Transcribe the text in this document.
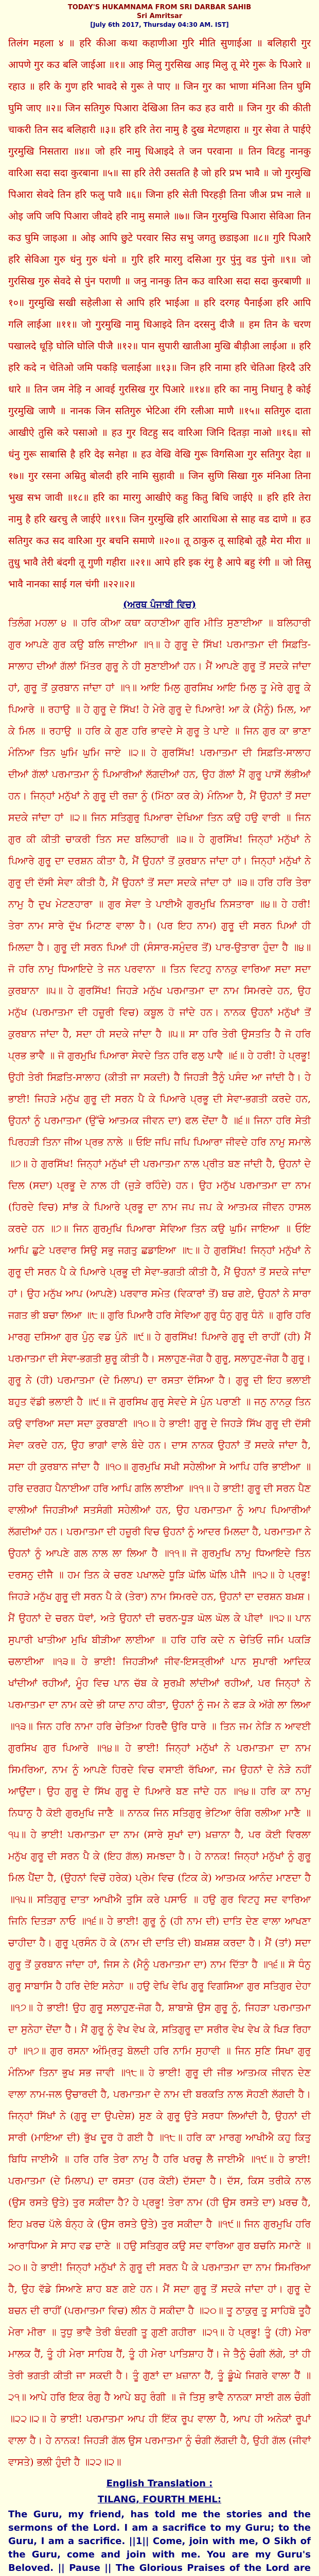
TODAY'S HUKAMNAMA FROM SRI DARBAR SAHIB
Sri Amritsar
[July 6th 2017, Thursday 04:30 AM. IST]
तिलंग महला ४ ॥ हरि कीआ कथा कहाणीआ गुरि मीति सुणाईआ ॥ बलिहारी गुर आपणे गुर कउ बलि जाईआ ॥१॥ आइ मिलु गुरसिख आइ मिलु तू मेरे गुरू के पिआरे ॥ रहाउ ॥ हरि के गुण हरि भावदे से गुरू ते पाए ॥ जिन गुर का भाणा मंनिआ तिन घुमि घुमि जाए ॥२॥ जिन सतिगुरु पिआरा देखिआ तिन कउ हउ वारी ॥ जिन गुर की कीती चाकरी तिन सद बलिहारी ॥३॥ हरि हरि तेरा नामु है दुख मेटणहारा ॥ गुर सेवा ते पाईऐ गुरमुखि निसतारा ॥४॥ जो हरि नामु धिआइदे ते जन परवाना ॥ तिन विटहु नानकु वारिआ सदा सदा कुरबाना ॥५॥ सा हरि तेरी उसतति है जो हरि प्रभ भावै ॥ जो गुरमुखि पिआरा सेवदे तिन हरि फलु पावै ॥६॥ जिना हरि सेती पिरहड़ी तिना जीअ प्रभ नाले ॥ ओइ जपि जपि पिआरा जीवदे हरि नामु समाले ॥७॥ जिन गुरमुखि पिआरा सेविआ तिन कउ घुमि जाइआ ॥ ओइ आपि छुटे परवार सिउ सभु जगतु छडाइआ ॥८॥ गुरि पिआरै हरि सेविआ गुरु धंनु गुरु धंनो ॥ गुरि हरि मारगु दसिआ गुर पुंनु वड पुंनो ॥९॥ जो गुरसिख गुरु सेवदे से पुंन पराणी ॥ जनु नानकु तिन कउ वारिआ सदा सदा कुरबाणी ॥१०॥ गुरमुखि सखी सहेलीआ से आपि हरि भाईआ ॥ हरि दरगह पैनाईआ हरि आपि गलि लाईआ ॥११॥ जो गुरमुखि नामु धिआइदे तिन दरसनु दीजै ॥ हम तिन के चरण पखालदे धूड़ि घोलि घोलि पीजै ॥१२॥ पान सुपारी खातीआ मुखि बीड़ीआ लाईआ ॥ हरि हरि कदे न चेतिओ जमि पकड़ि चलाईआ ॥१३॥ जिन हरि नामा हरि चेतिआ हिरदै उरि धारे ॥ तिन जम नेड़ि न आवई गुरसिख गुर पिआरे ॥१४॥ हरि का नामु निधानु है कोई गुरमुखि जाणै ॥ नानक जिन सतिगुरु भेटिआ रंगि रलीआ माणै ॥१५॥ सतिगुरु दाता आखीऐ तुसि करे पसाओ ॥ हउ गुर विटहु सद वारिआ जिनि दितड़ा नाओ ॥१६॥ सो धंनु गुरू साबासि है हरि देइ सनेहा ॥ हउ वेखि वेखि गुरू विगसिआ गुर सतिगुर देहा ॥१७॥ गुर रसना अम्रितु बोलदी हरि नामि सुहावी ॥ जिन सुणि सिखा गुरु मंनिआ तिना भुख सभ जावी ॥१८॥ हरि का मारगु आखीऐ कहु कितु बिधि जाईऐ ॥ हरि हरि तेरा नामु है हरि खरचु लै जाईऐ ॥१९॥ जिन गुरमुखि हरि आराधिआ से साह वड दाणे ॥ हउ सतिगुर कउ सद वारिआ गुर बचनि समाणे ॥२०॥ तू ठाकुरु तू साहिबो तूहै मेरा मीरा ॥ तुधु भावै तेरी बंदगी तू गुणी गहीरा ॥२१॥ आपे हरि इक रंगु है आपे बहु रंगी ॥ जो तिसु भावै नानका साई गल चंगी ॥२२॥२॥
(ਅਰਥ ਪੰਜਾਬੀ ਵਿਚ)
ਤਿਲੰਗ ਮਹਲਾ ੪ ॥ ਹਰਿ ਕੀਆ ਕਥਾ ਕਹਾਣੀਆ ਗੁਰਿ ਮੀਤਿ ਸੁਣਾਈਆ ॥ ਬਲਿਹਾਰੀ ਗੁਰ ਆਪਣੇ ਗੁਰ ਕਉ ਬਲਿ ਜਾਈਆ ॥੧॥ ਹੇ ਗੁਰੂ ਦੇ ਸਿੱਖ! ਪਰਮਾਤਮਾ ਦੀ ਸਿਫ਼ਤਿ-ਸਾਲਾਹ ਦੀਆਂ ਗੱਲਾਂ ਮਿੱਤਰ ਗੁਰੂ ਨੇ ਹੀ ਸੁਣਾਈਆਂ ਹਨ। ਮੈਂ ਆਪਣੇ ਗੁਰੂ ਤੋਂ ਸਦਕੇ ਜਾਂਦਾ ਹਾਂ, ਗੁਰੂ ਤੋਂ ਕੁਰਬਾਨ ਜਾਂਦਾ ਹਾਂ ॥੧॥ ਆਇ ਮਿਲੁ ਗੁਰਸਿਖ ਆਇ ਮਿਲੁ ਤੂ ਮੇਰੇ ਗੁਰੂ ਕੇ ਪਿਆਰੇ ॥ ਰਹਾਉ ॥ ਹੇ ਗੁਰੂ ਦੇ ਸਿੱਖ! ਹੇ ਮੇਰੇ ਗੁਰੂ ਦੇ ਪਿਆਰੇ! ਆ ਕੇ (ਮੈਨੂੰ) ਮਿਲ, ਆ ਕੇ ਮਿਲ ॥ ਰਹਾਉ ॥ ਹਰਿ ਕੇ ਗੁਣ ਹਰਿ ਭਾਵਦੇ ਸੇ ਗੁਰੂ ਤੇ ਪਾਏ ॥ ਜਿਨ ਗੁਰ ਕਾ ਭਾਣਾ ਮੰਨਿਆ ਤਿਨ ਘੁਮਿ ਘੁਮਿ ਜਾਏ ॥੨॥ ਹੇ ਗੁਰਸਿੱਖ! ਪਰਮਾਤਮਾ ਦੀ ਸਿਫ਼ਤਿ-ਸਾਲਾਹ ਦੀਆਂ ਗੱਲਾਂ ਪਰਮਾਤਮਾ ਨੂੰ ਪਿਆਰੀਆਂ ਲੱਗਦੀਆਂ ਹਨ, ਉਹ ਗੱਲਾਂ ਮੈਂ ਗੁਰੂ ਪਾਸੋਂ ਲੱਭੀਆਂ ਹਨ। ਜਿਨ੍ਹਾਂ ਮਨੁੱਖਾਂ ਨੇ ਗੁਰੂ ਦੀ ਰਜ਼ਾ ਨੂੰ (ਮਿੱਠਾ ਕਰ ਕੇ) ਮੰਨਿਆ ਹੈ, ਮੈਂ ਉਹਨਾਂ ਤੋਂ ਸਦਾ ਸਦਕੇ ਜਾਂਦਾ ਹਾਂ ॥੨॥ ਜਿਨ ਸਤਿਗੁਰੁ ਪਿਆਰਾ ਦੇਖਿਆ ਤਿਨ ਕਉ ਹਉ ਵਾਰੀ ॥ ਜਿਨ ਗੁਰ ਕੀ ਕੀਤੀ ਚਾਕਰੀ ਤਿਨ ਸਦ ਬਲਿਹਾਰੀ ॥੩॥ ਹੇ ਗੁਰਸਿੱਖ! ਜਿਨ੍ਹਾਂ ਮਨੁੱਖਾਂ ਨੇ ਪਿਆਰੇ ਗੁਰੂ ਦਾ ਦਰਸ਼ਨ ਕੀਤਾ ਹੈ, ਮੈਂ ਉਹਨਾਂ ਤੋਂ ਕੁਰਬਾਨ ਜਾਂਦਾ ਹਾਂ। ਜਿਨ੍ਹਾਂ ਮਨੁੱਖਾਂ ਨੇ ਗੁਰੂ ਦੀ ਦੱਸੀ ਸੇਵਾ ਕੀਤੀ ਹੈ, ਮੈਂ ਉਹਨਾਂ ਤੋਂ ਸਦਾ ਸਦਕੇ ਜਾਂਦਾ ਹਾਂ ॥੩॥ ਹਰਿ ਹਰਿ ਤੇਰਾ ਨਾਮੁ ਹੈ ਦੁਖ ਮੇਟਣਹਾਰਾ ॥ ਗੁਰ ਸੇਵਾ ਤੇ ਪਾਈਐ ਗੁਰਮੁਖਿ ਨਿਸਤਾਰਾ ॥੪॥ ਹੇ ਹਰੀ! ਤੇਰਾ ਨਾਮ ਸਾਰੇ ਦੁੱਖ ਮਿਟਾਣ ਵਾਲਾ ਹੈ। (ਪਰ ਇਹ ਨਾਮ) ਗੁਰੂ ਦੀ ਸਰਨ ਪਿਆਂ ਹੀ ਮਿਲਦਾ ਹੈ। ਗੁਰੂ ਦੀ ਸਰਨ ਪਿਆਂ ਹੀ (ਸੰਸਾਰ-ਸਮੁੰਦਰ ਤੋਂ) ਪਾਰ-ਉਤਾਰਾ ਹੁੰਦਾ ਹੈ ॥੪॥ ਜੋ ਹਰਿ ਨਾਮੁ ਧਿਆਇਦੇ ਤੇ ਜਨ ਪਰਵਾਨਾ ॥ ਤਿਨ ਵਿਟਹੁ ਨਾਨਕੁ ਵਾਰਿਆ ਸਦਾ ਸਦਾ ਕੁਰਬਾਨਾ ॥੫॥ ਹੇ ਗੁਰਸਿੱਖ! ਜਿਹੜੇ ਮਨੁੱਖ ਪਰਮਾਤਮਾ ਦਾ ਨਾਮ ਸਿਮਰਦੇ ਹਨ, ਉਹ ਮਨੁੱਖ (ਪਰਮਾਤਮਾ ਦੀ ਹਜ਼ੂਰੀ ਵਿਚ) ਕਬੂਲ ਹੋ ਜਾਂਦੇ ਹਨ। ਨਾਨਕ ਉਹਨਾਂ ਮਨੁੱਖਾਂ ਤੋਂ ਕੁਰਬਾਨ ਜਾਂਦਾ ਹੈ, ਸਦਾ ਹੀ ਸਦਕੇ ਜਾਂਦਾ ਹੈ ॥੫॥ ਸਾ ਹਰਿ ਤੇਰੀ ਉਸਤਤਿ ਹੈ ਜੋ ਹਰਿ ਪ੍ਰਭ ਭਾਵੈ ॥ ਜੋ ਗੁਰਮੁਖਿ ਪਿਆਰਾ ਸੇਵਦੇ ਤਿਨ ਹਰਿ ਫਲੁ ਪਾਵੈ ॥੬॥ ਹੇ ਹਰੀ! ਹੇ ਪ੍ਰਭੂ! ਉਹੀ ਤੇਰੀ ਸਿਫ਼ਤਿ-ਸਾਲਾਹ (ਕੀਤੀ ਜਾ ਸਕਦੀ) ਹੈ ਜਿਹੜੀ ਤੈਨੂੰ ਪਸੰਦ ਆ ਜਾਂਦੀ ਹੈ। ਹੇ ਭਾਈ! ਜਿਹੜੇ ਮਨੁੱਖ ਗੁਰੂ ਦੀ ਸਰਨ ਪੈ ਕੇ ਪਿਆਰੇ ਪ੍ਰਭੂ ਦੀ ਸੇਵਾ-ਭਗਤੀ ਕਰਦੇ ਹਨ, ਉਹਨਾਂ ਨੂੰ ਪਰਮਾਤਮਾ (ਉੱਚੇ ਆਤਮਕ ਜੀਵਨ ਦਾ) ਫਲ ਦੇਂਦਾ ਹੈ ॥੬॥ ਜਿਨਾ ਹਰਿ ਸੇਤੀ ਪਿਰਹੜੀ ਤਿਨਾ ਜੀਅ ਪ੍ਰਭ ਨਾਲੇ ॥ ਓਇ ਜਪਿ ਜਪਿ ਪਿਆਰਾ ਜੀਵਦੇ ਹਰਿ ਨਾਮੁ ਸਮਾਲੇ ॥੭॥ ਹੇ ਗੁਰਸਿੱਖ! ਜਿਨ੍ਹਾਂ ਮਨੁੱਖਾਂ ਦੀ ਪਰਮਾਤਮਾ ਨਾਲ ਪ੍ਰੀਤ ਬਣ ਜਾਂਦੀ ਹੈ, ਉਹਨਾਂ ਦੇ ਦਿਲ (ਸਦਾ) ਪ੍ਰਭੂ ਦੇ ਨਾਲ ਹੀ (ਜੁੜੇ ਰਹਿੰਦੇ) ਹਨ। ਉਹ ਮਨੁੱਖ ਪਰਮਾਤਮਾ ਦਾ ਨਾਮ (ਹਿਰਦੇ ਵਿਚ) ਸਾਂਭ ਕੇ ਪਿਆਰੇ ਪ੍ਰਭੂ ਦਾ ਨਾਮ ਜਪ ਜਪ ਕੇ ਆਤਮਕ ਜੀਵਨ ਹਾਸਲ ਕਰਦੇ ਹਨ ॥੭॥ ਜਿਨ ਗੁਰਮੁਖਿ ਪਿਆਰਾ ਸੇਵਿਆ ਤਿਨ ਕਉ ਘੁਮਿ ਜਾਇਆ ॥ ਓਇ ਆਪਿ ਛੁਟੇ ਪਰਵਾਰ ਸਿਉ ਸਭੁ ਜਗਤੁ ਛਡਾਇਆ ॥੮॥ ਹੇ ਗੁਰਸਿੱਖ! ਜਿਨ੍ਹਾਂ ਮਨੁੱਖਾਂ ਨੇ ਗੁਰੂ ਦੀ ਸਰਨ ਪੈ ਕੇ ਪਿਆਰੇ ਪ੍ਰਭੂ ਦੀ ਸੇਵਾ-ਭਗਤੀ ਕੀਤੀ ਹੈ, ਮੈਂ ਉਹਨਾਂ ਤੋਂ ਸਦਕੇ ਜਾਂਦਾ ਹਾਂ। ਉਹ ਮਨੁੱਖ ਆਪ (ਆਪਣੇ) ਪਰਵਾਰ ਸਮੇਤ (ਵਿਕਾਰਾਂ ਤੋਂ) ਬਚ ਗਏ, ਉਹਨਾਂ ਨੇ ਸਾਰਾ ਜਗਤ ਭੀ ਬਚਾ ਲਿਆ ॥੮॥ ਗੁਰਿ ਪਿਆਰੈ ਹਰਿ ਸੇਵਿਆ ਗੁਰੁ ਧੰਨੁ ਗੁਰੁ ਧੰਨੋ ॥ ਗੁਰਿ ਹਰਿ ਮਾਰਗੁ ਦਸਿਆ ਗੁਰ ਪੁੰਨੁ ਵਡ ਪੁੰਨੋ ॥੯॥ ਹੇ ਗੁਰਸਿੱਖ! ਪਿਆਰੇ ਗੁਰੂ ਦੀ ਰਾਹੀਂ (ਹੀ) ਮੈਂ ਪਰਮਾਤਮਾ ਦੀ ਸੇਵਾ-ਭਗਤੀ ਸ਼ੁਰੂ ਕੀਤੀ ਹੈ। ਸਲਾਹੁਣ-ਜੋਗ ਹੈ ਗੁਰੂ, ਸਲਾਹੁਣ-ਜੋਗ ਹੈ ਗੁਰੂ। ਗੁਰੂ ਨੇ (ਹੀ) ਪਰਮਾਤਮਾ (ਦੇ ਮਿਲਾਪ) ਦਾ ਰਸਤਾ ਦੱਸਿਆ ਹੈ। ਗੁਰੂ ਦੀ ਇਹ ਭਲਾਈ ਬਹੁਤ ਵੱਡੀ ਭਲਾਈ ਹੈ ॥੯॥ ਜੋ ਗੁਰਸਿਖ ਗੁਰੁ ਸੇਵਦੇ ਸੇ ਪੁੰਨ ਪਰਾਣੀ ॥ ਜਨੁ ਨਾਨਕੁ ਤਿਨ ਕਉ ਵਾਰਿਆ ਸਦਾ ਸਦਾ ਕੁਰਬਾਣੀ ॥੧੦॥ ਹੇ ਭਾਈ! ਗੁਰੂ ਦੇ ਜਿਹੜੇ ਸਿੱਖ ਗੁਰੂ ਦੀ ਦੱਸੀ ਸੇਵਾ ਕਰਦੇ ਹਨ, ਉਹ ਭਾਗਾਂ ਵਾਲੇ ਬੰਦੇ ਹਨ। ਦਾਸ ਨਾਨਕ ਉਹਨਾਂ ਤੋਂ ਸਦਕੇ ਜਾਂਦਾ ਹੈ, ਸਦਾ ਹੀ ਕੁਰਬਾਨ ਜਾਂਦਾ ਹੈ ॥੧੦॥ ਗੁਰਮੁਖਿ ਸਖੀ ਸਹੇਲੀਆ ਸੇ ਆਪਿ ਹਰਿ ਭਾਈਆ ॥ ਹਰਿ ਦਰਗਹ ਪੈਨਾਈਆ ਹਰਿ ਆਪਿ ਗਲਿ ਲਾਈਆ ॥੧੧॥ ਹੇ ਭਾਈ! ਗੁਰੂ ਦੀ ਸਰਨ ਪੈਣ ਵਾਲੀਆਂ ਜਿਹੜੀਆਂ ਸਤਸੰਗੀ ਸਹੇਲੀਆਂ ਹਨ, ਉਹ ਪਰਮਾਤਮਾ ਨੂੰ ਆਪ ਪਿਆਰੀਆਂ ਲੱਗਦੀਆਂ ਹਨ। ਪਰਮਾਤਮਾ ਦੀ ਹਜ਼ੂਰੀ ਵਿਚ ਉਹਨਾਂ ਨੂੰ ਆਦਰ ਮਿਲਦਾ ਹੈ, ਪਰਮਾਤਮਾ ਨੇ ਉਹਨਾਂ ਨੂੰ ਆਪਣੇ ਗਲ ਨਾਲ ਲਾ ਲਿਆ ਹੈ ॥੧੧॥ ਜੋ ਗੁਰਮੁਖਿ ਨਾਮੁ ਧਿਆਇਦੇ ਤਿਨ ਦਰਸਨੁ ਦੀਜੈ ॥ ਹਮ ਤਿਨ ਕੇ ਚਰਣ ਪਖਾਲਦੇ ਧੂੜਿ ਘੋਲਿ ਘੋਲਿ ਪੀਜੈ ॥੧੨॥ ਹੇ ਪ੍ਰਭੂ! ਜਿਹੜੇ ਮਨੁੱਖ ਗੁਰੂ ਦੀ ਸਰਨ ਪੈ ਕੇ (ਤੇਰਾ) ਨਾਮ ਸਿਮਰਦੇ ਹਨ, ਉਹਨਾਂ ਦਾ ਦਰਸ਼ਨ ਬਖ਼ਸ਼। ਮੈਂ ਉਹਨਾਂ ਦੇ ਚਰਨ ਧੋਵਾਂ, ਅਤੇ ਉਹਨਾਂ ਦੀ ਚਰਨ-ਧੂੜ ਘੋਲ ਘੋਲ ਕੇ ਪੀਵਾਂ ॥੧੨॥ ਪਾਨ ਸੁਪਾਰੀ ਖਾਤੀਆ ਮੁਖਿ ਬੀੜੀਆ ਲਾਈਆ ॥ ਹਰਿ ਹਰਿ ਕਦੇ ਨ ਚੇਤਿਓ ਜਮਿ ਪਕੜਿ ਚਲਾਈਆ ॥੧੩॥ ਹੇ ਭਾਈ! ਜਿਹੜੀਆਂ ਜੀਵ-ਇਸਤ੍ਰੀਆਂ ਪਾਨ ਸੁਪਾਰੀ ਆਦਿਕ ਖਾਂਦੀਆਂ ਰਹੀਆਂ, ਮੂੰਹ ਵਿਚ ਪਾਨ ਚੱਬ ਕੇ ਸੁਰਖ਼ੀ ਲਾਂਦੀਆਂ ਰਹੀਆਂ, ਪਰ ਜਿਨ੍ਹਾਂ ਨੇ ਪਰਮਾਤਮਾ ਦਾ ਨਾਮ ਕਦੇ ਭੀ ਯਾਦ ਨਾਹ ਕੀਤਾ, ਉਹਨਾਂ ਨੂੰ ਜਮ ਨੇ ਫੜ ਕੇ ਅੱਗੇ ਲਾ ਲਿਆ ॥੧੩॥ ਜਿਨ ਹਰਿ ਨਾਮਾ ਹਰਿ ਚੇਤਿਆ ਹਿਰਦੈ ਉਰਿ ਧਾਰੇ ॥ ਤਿਨ ਜਮ ਨੇੜਿ ਨ ਆਵਈ ਗੁਰਸਿਖ ਗੁਰ ਪਿਆਰੇ ॥੧੪॥ ਹੇ ਭਾਈ! ਜਿਨ੍ਹਾਂ ਮਨੁੱਖਾਂ ਨੇ ਪਰਮਾਤਮਾ ਦਾ ਨਾਮ ਸਿਮਰਿਆ, ਨਾਮ ਨੂੰ ਆਪਣੇ ਹਿਰਦੇ ਵਿਚ ਵਸਾਈ ਰੱਖਿਆ, ਜਮ ਉਹਨਾਂ ਦੇ ਨੇੜੇ ਨਹੀਂ ਆਉਂਦਾ। ਉਹ ਗੁਰੂ ਦੇ ਸਿੱਖ ਗੁਰੂ ਦੇ ਪਿਆਰੇ ਬਣ ਜਾਂਦੇ ਹਨ ॥੧੪॥ ਹਰਿ ਕਾ ਨਾਮੁ ਨਿਧਾਨੁ ਹੈ ਕੋਈ ਗੁਰਮੁਖਿ ਜਾਣੈ ॥ ਨਾਨਕ ਜਿਨ ਸਤਿਗੁਰੁ ਭੇਟਿਆ ਰੰਗਿ ਰਲੀਆ ਮਾਣੈ ॥੧੫॥ ਹੇ ਭਾਈ! ਪਰਮਾਤਮਾ ਦਾ ਨਾਮ (ਸਾਰੇ ਸੁਖਾਂ ਦਾ) ਖ਼ਜ਼ਾਨਾ ਹੈ, ਪਰ ਕੋਈ ਵਿਰਲਾ ਮਨੁੱਖ ਗੁਰੂ ਦੀ ਸਰਨ ਪੈ ਕੇ (ਇਹ ਗੱਲ) ਸਮਝਦਾ ਹੈ। ਹੇ ਨਾਨਕ! ਜਿਨ੍ਹਾਂ ਮਨੁੱਖਾਂ ਨੂੰ ਗੁਰੂ ਮਿਲ ਪੈਂਦਾ ਹੈ, (ਉਹਨਾਂ ਵਿਚੋਂ ਹਰੇਕ) ਪ੍ਰੇਮ ਵਿਚ (ਟਿਕ ਕੇ) ਆਤਮਕ ਆਨੰਦ ਮਾਣਦਾ ਹੈ ॥੧੫॥ ਸਤਿਗੁਰੁ ਦਾਤਾ ਆਖੀਐ ਤੁਸਿ ਕਰੇ ਪਸਾਓ ॥ ਹਉ ਗੁਰ ਵਿਟਹੁ ਸਦ ਵਾਰਿਆ ਜਿਨਿ ਦਿਤੜਾ ਨਾਓ ॥੧੬॥ ਹੇ ਭਾਈ! ਗੁਰੂ ਨੂੰ (ਹੀ ਨਾਮ ਦੀ) ਦਾਤਿ ਦੇਣ ਵਾਲਾ ਆਖਣਾ ਚਾਹੀਦਾ ਹੈ। ਗੁਰੂ ਪ੍ਰਸੰਨ ਹੋ ਕੇ (ਨਾਮ ਦੀ ਦਾਤਿ ਦੀ) ਬਖ਼ਸ਼ਸ਼ ਕਰਦਾ ਹੈ। ਮੈਂ (ਤਾਂ) ਸਦਾ ਗੁਰੂ ਤੋਂ ਕੁਰਬਾਨ ਜਾਂਦਾ ਹਾਂ, ਜਿਸ ਨੇ (ਮੈਨੂੰ ਪਰਮਾਤਮਾ ਦਾ) ਨਾਮ ਦਿੱਤਾ ਹੈ ॥੧੬॥ ਸੋ ਧੰਨੁ ਗੁਰੂ ਸਾਬਾਸਿ ਹੈ ਹਰਿ ਦੇਇ ਸਨੇਹਾ ॥ ਹਉ ਵੇਖਿ ਵੇਖਿ ਗੁਰੂ ਵਿਗਸਿਆ ਗੁਰ ਸਤਿਗੁਰ ਦੇਹਾ ॥੧੭॥ ਹੇ ਭਾਈ! ਉਹ ਗੁਰੂ ਸਲਾਹੁਣ-ਜੋਗ ਹੈ, ਸ਼ਾਬਾਸ਼ੇ ਉਸ ਗੁਰੂ ਨੂੰ, ਜਿਹੜਾ ਪਰਮਾਤਮਾ ਦਾ ਸੁਨੇਹਾ ਦੇਂਦਾ ਹੈ। ਮੈਂ ਗੁਰੂ ਨੂੰ ਵੇਖ ਵੇਖ ਕੇ, ਸਤਿਗੁਰੂ ਦਾ ਸਰੀਰ ਵੇਖ ਵੇਖ ਕੇ ਖਿੜ ਰਿਹਾ ਹਾਂ ॥੧੭॥ ਗੁਰ ਰਸਨਾ ਅੰਮ੍ਰਿਤੁ ਬੋਲਦੀ ਹਰਿ ਨਾਮਿ ਸੁਹਾਵੀ ॥ ਜਿਨ ਸੁਣਿ ਸਿਖਾ ਗੁਰੁ ਮੰਨਿਆ ਤਿਨਾ ਭੁਖ ਸਭ ਜਾਵੀ ॥੧੮॥ ਹੇ ਭਾਈ! ਗੁਰੂ ਦੀ ਜੀਭ ਆਤਮਕ ਜੀਵਨ ਦੇਣ ਵਾਲਾ ਨਾਮ-ਜਲ ਉਚਾਰਦੀ ਹੈ, ਪਰਮਾਤਮਾ ਦੇ ਨਾਮ ਦੀ ਬਰਕਤਿ ਨਾਲ ਸੋਹਣੀ ਲੱਗਦੀ ਹੈ। ਜਿਨ੍ਹਾਂ ਸਿੱਖਾਂ ਨੇ (ਗੁਰੂ ਦਾ ਉਪਦੇਸ਼) ਸੁਣ ਕੇ ਗੁਰੂ ਉਤੇ ਸਰਧਾ ਲਿਆਂਦੀ ਹੈ, ਉਹਨਾਂ ਦੀ ਸਾਰੀ (ਮਾਇਆ ਦੀ) ਭੁੱਖ ਦੂਰ ਹੋ ਗਈ ਹੈ ॥੧੮॥ ਹਰਿ ਕਾ ਮਾਰਗੁ ਆਖੀਐ ਕਹੁ ਕਿਤੁ ਬਿਧਿ ਜਾਈਐ ॥ ਹਰਿ ਹਰਿ ਤੇਰਾ ਨਾਮੁ ਹੈ ਹਰਿ ਖਰਚੁ ਲੈ ਜਾਈਐ ॥੧੯॥ ਹੇ ਭਾਈ! ਪਰਮਾਤਮਾ (ਦੇ ਮਿਲਾਪ) ਦਾ ਰਸਤਾ (ਹਰ ਕੋਈ) ਦੱਸਦਾ ਹੈ। ਦੱਸ, ਕਿਸ ਤਰੀਕੇ ਨਾਲ (ਉਸ ਰਸਤੇ ਉਤੇ) ਤੁਰ ਸਕੀਦਾ ਹੈ? ਹੇ ਪ੍ਰਭੂ! ਤੇਰਾ ਨਾਮ (ਹੀ ਉਸ ਰਸਤੇ ਦਾ) ਖ਼ਰਚ ਹੈ, ਇਹ ਖ਼ਰਚ ਪੱਲੇ ਬੰਨ੍ਹ ਕੇ (ਉਸ ਰਸਤੇ ਉਤੇ) ਤੁਰ ਸਕੀਦਾ ਹੈ ॥੧੯॥ ਜਿਨ ਗੁਰਮੁਖਿ ਹਰਿ ਆਰਾਧਿਆ ਸੇ ਸਾਹ ਵਡ ਦਾਣੇ ॥ ਹਉ ਸਤਿਗੁਰ ਕਉ ਸਦ ਵਾਰਿਆ ਗੁਰ ਬਚਨਿ ਸਮਾਣੇ ॥੨੦॥ ਹੇ ਭਾਈ! ਜਿਨ੍ਹਾਂ ਮਨੁੱਖਾਂ ਨੇ ਗੁਰੂ ਦੀ ਸਰਨ ਪੈ ਕੇ ਪਰਮਾਤਮਾ ਦਾ ਨਾਮ ਸਿਮਰਿਆ ਹੈ, ਉਹ ਵੱਡੇ ਸਿਆਣੇ ਸ਼ਾਹ ਬਣ ਗਏ ਹਨ। ਮੈਂ ਸਦਾ ਗੁਰੂ ਤੋਂ ਸਦਕੇ ਜਾਂਦਾ ਹਾਂ। ਗੁਰੂ ਦੇ ਬਚਨ ਦੀ ਰਾਹੀਂ (ਪਰਮਾਤਮਾ ਵਿਚ) ਲੀਨ ਹੋ ਸਕੀਦਾ ਹੈ ॥੨੦॥ ਤੂ ਠਾਕੁਰੁ ਤੂ ਸਾਹਿਬੋ ਤੂਹੈ ਮੇਰਾ ਮੀਰਾ ॥ ਤੁਧੁ ਭਾਵੈ ਤੇਰੀ ਬੰਦਗੀ ਤੂ ਗੁਣੀ ਗਹੀਰਾ ॥੨੧॥ ਹੇ ਪ੍ਰਭੂ! ਤੂੰ (ਹੀ) ਮੇਰਾ ਮਾਲਕ ਹੈਂ, ਤੂੰ ਹੀ ਮੇਰਾ ਸਾਹਿਬ ਹੈਂ, ਤੂੰ ਹੀ ਮੇਰਾ ਪਾਤਿਸ਼ਾਹ ਹੈਂ। ਜੇ ਤੈਨੂੰ ਚੰਗੀ ਲੱਗੇ, ਤਾਂ ਹੀ ਤੇਰੀ ਭਗਤੀ ਕੀਤੀ ਜਾ ਸਕਦੀ ਹੈ। ਤੂੰ ਗੁਣਾਂ ਦਾ ਖ਼ਜ਼ਾਨਾ ਹੈਂ, ਤੂੰ ਡੂੰਘੇ ਜਿਗਰੇ ਵਾਲਾ ਹੈਂ ॥੨੧॥ ਆਪੇ ਹਰਿ ਇਕ ਰੰਗੁ ਹੈ ਆਪੇ ਬਹੁ ਰੰਗੀ ॥ ਜੋ ਤਿਸੁ ਭਾਵੈ ਨਾਨਕਾ ਸਾਈ ਗਲ ਚੰਗੀ ॥੨੨॥੨॥ ਹੇ ਭਾਈ! ਪਰਮਾਤਮਾ ਆਪ ਹੀ ਇੱਕ ਰੂਪ ਵਾਲਾ ਹੈ, ਆਪ ਹੀ ਅਨੇਕਾਂ ਰੂਪਾਂ ਵਾਲਾ ਹੈ। ਹੇ ਨਾਨਕ! ਜਿਹੜੀ ਗੱਲ ਉਸ ਪਰਮਾਤਮਾ ਨੂੰ ਚੰਗੀ ਲੱਗਦੀ ਹੈ, ਉਹੀ ਗੱਲ (ਜੀਵਾਂ ਵਾਸਤੇ) ਭਲੀ ਹੁੰਦੀ ਹੈ ॥੨੨॥੨॥
English Translation :
TILANG, FOURTH MEHL:
The Guru, my friend, has told me the stories and the sermons of the Lord. I am a sacrifice to my Guru; to the Guru, I am a sacrifice. ||1|| Come, join with me, O Sikh of the Guru, come and join with me. You are my Guru's Beloved. || Pause || The Glorious Praises of the Lord are
